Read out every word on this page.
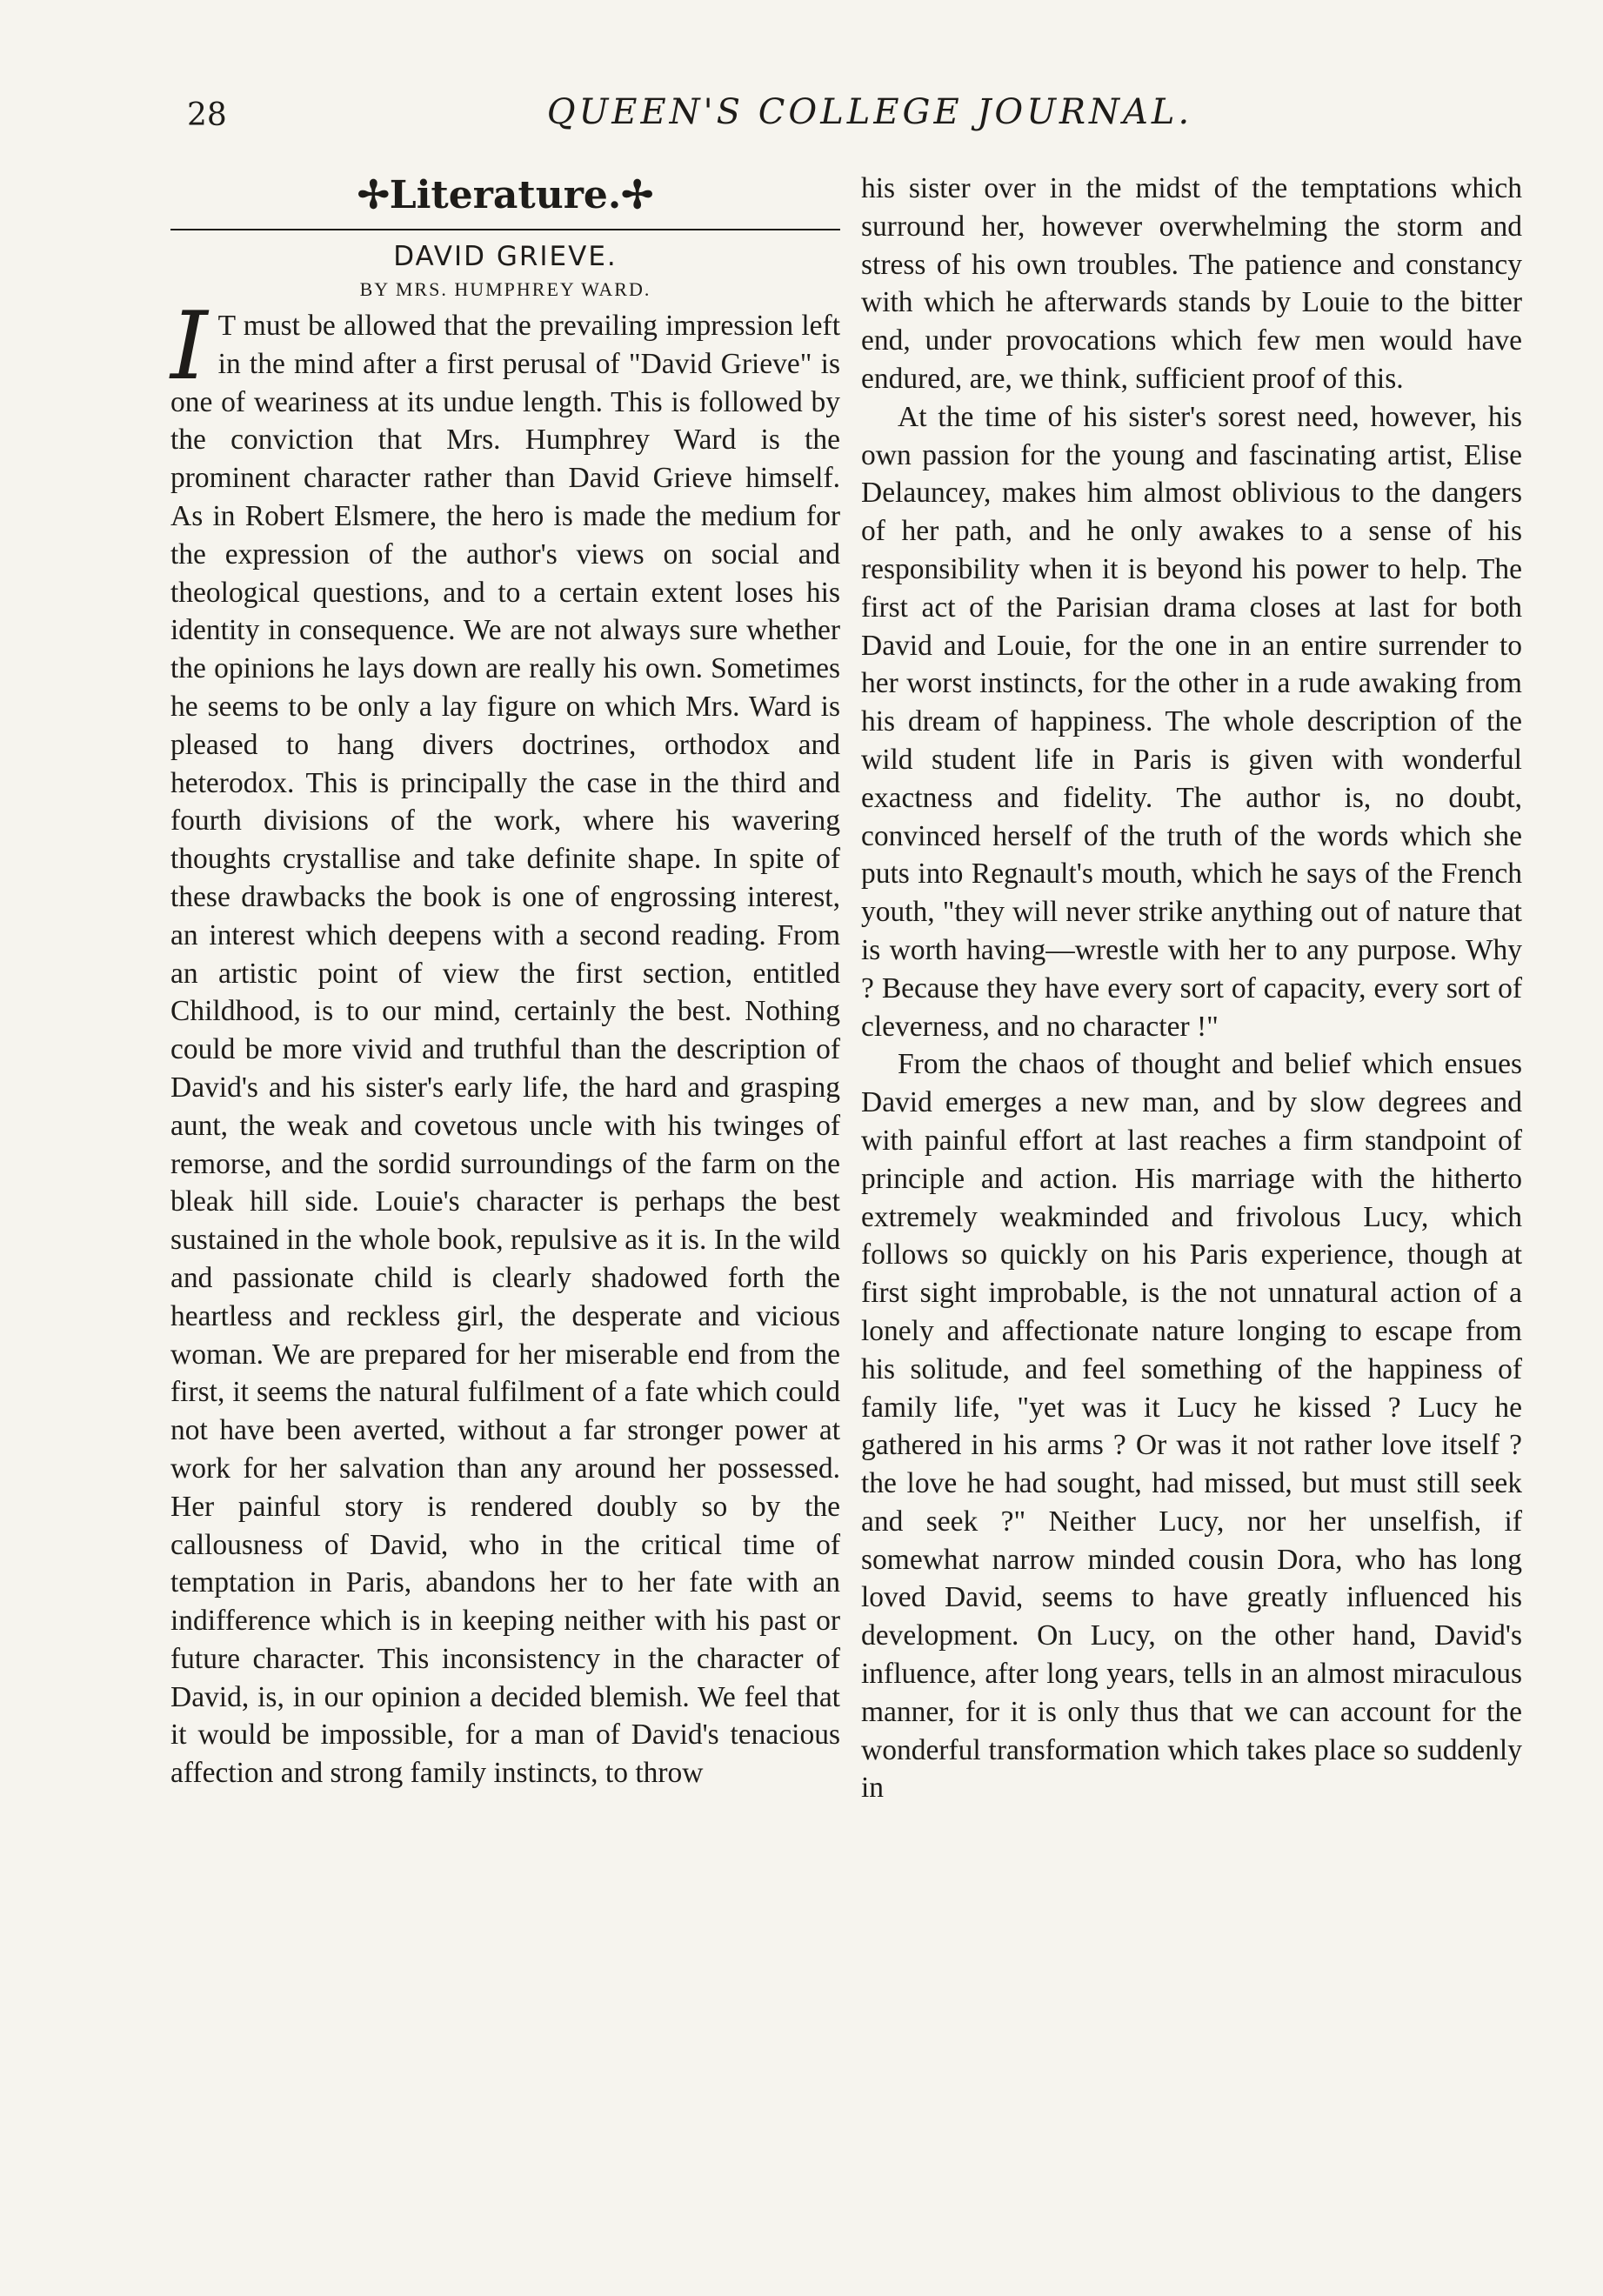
28	QUEEN'S COLLEGE JOURNAL.
✢Literature.✢
DAVID GRIEVE.
BY MRS. HUMPHREY WARD.

IT must be allowed that the prevailing impression left in the mind after a first perusal of "David Grieve" is one of weariness at its undue length. This is followed by the conviction that Mrs. Humphrey Ward is the prominent character rather than David Grieve himself. As in Robert Elsmere, the hero is made the medium for the expression of the author's views on social and theological questions, and to a certain extent loses his identity in consequence. We are not always sure whether the opinions he lays down are really his own. Sometimes he seems to be only a lay figure on which Mrs. Ward is pleased to hang divers doctrines, orthodox and heterodox. This is principally the case in the third and fourth divisions of the work, where his wavering thoughts crystallise and take definite shape. In spite of these drawbacks the book is one of engrossing interest, an interest which deepens with a second reading. From an artistic point of view the first section, entitled Childhood, is to our mind, certainly the best. Nothing could be more vivid and truthful than the description of David's and his sister's early life, the hard and grasping aunt, the weak and covetous uncle with his twinges of remorse, and the sordid surroundings of the farm on the bleak hill side. Louie's character is perhaps the best sustained in the whole book, repulsive as it is. In the wild and passionate child is clearly shadowed forth the heartless and reckless girl, the desperate and vicious woman. We are prepared for her miserable end from the first, it seems the natural fulfilment of a fate which could not have been averted, without a far stronger power at work for her salvation than any around her possessed. Her painful story is rendered doubly so by the callousness of David, who in the critical time of temptation in Paris, abandons her to her fate with an indifference which is in keeping neither with his past or future character. This inconsistency in the character of David, is, in our opinion a decided blemish. We feel that it would be impossible, for a man of David's tenacious affection and strong family instincts, to throw

his sister over in the midst of the temptations which surround her, however overwhelming the storm and stress of his own troubles. The patience and constancy with which he afterwards stands by Louie to the bitter end, under provocations which few men would have endured, are, we think, sufficient proof of this.

At the time of his sister's sorest need, however, his own passion for the young and fascinating artist, Elise Delauncey, makes him almost oblivious to the dangers of her path, and he only awakes to a sense of his responsibility when it is beyond his power to help. The first act of the Parisian drama closes at last for both David and Louie, for the one in an entire surrender to her worst instincts, for the other in a rude awaking from his dream of happiness. The whole description of the wild student life in Paris is given with wonderful exactness and fidelity. The author is, no doubt, convinced herself of the truth of the words which she puts into Regnault's mouth, which he says of the French youth, "they will never strike anything out of nature that is worth having—wrestle with her to any purpose. Why ? Because they have every sort of capacity, every sort of cleverness, and no character !"

From the chaos of thought and belief which ensues David emerges a new man, and by slow degrees and with painful effort at last reaches a firm standpoint of principle and action. His marriage with the hitherto extremely weakminded and frivolous Lucy, which follows so quickly on his Paris experience, though at first sight improbable, is the not unnatural action of a lonely and affectionate nature longing to escape from his solitude, and feel something of the happiness of family life, "yet was it Lucy he kissed ? Lucy he gathered in his arms ? Or was it not rather love itself ? the love he had sought, had missed, but must still seek and seek ?" Neither Lucy, nor her unselfish, if somewhat narrow minded cousin Dora, who has long loved David, seems to have greatly influenced his development. On Lucy, on the other hand, David's influence, after long years, tells in an almost miraculous manner, for it is only thus that we can account for the wonderful transformation which takes place so suddenly in
